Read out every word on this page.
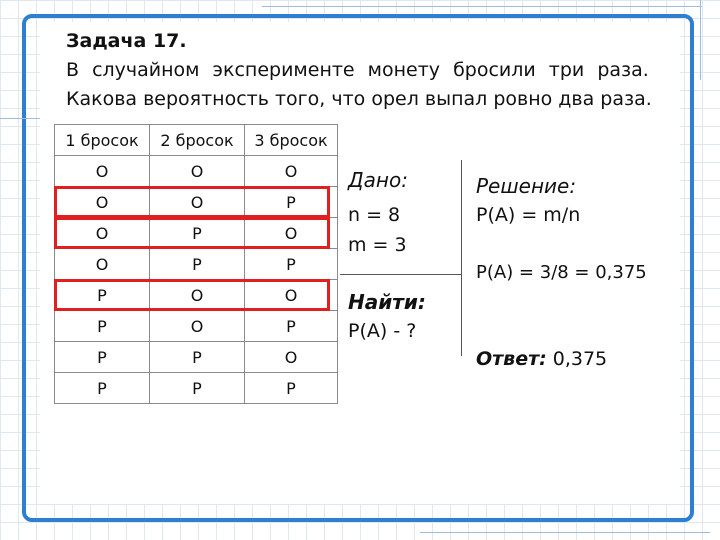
Задача 17.
В случайном эксперименте монету бросили три раза.
Какова вероятность того, что орел выпал ровно два раза.
1 бросок	2 бросок	3 бросок
О	О	О
О	О	Р
О	Р	О
О	Р	Р
Р	О	О
Р	О	Р
Р	Р	О
Р	Р	Р
Дано:
n = 8
m = 3
Найти:
P(A) - ?
Решение:
P(A) = m/n
P(A) = 3/8 = 0,375
Ответ: 0,375
